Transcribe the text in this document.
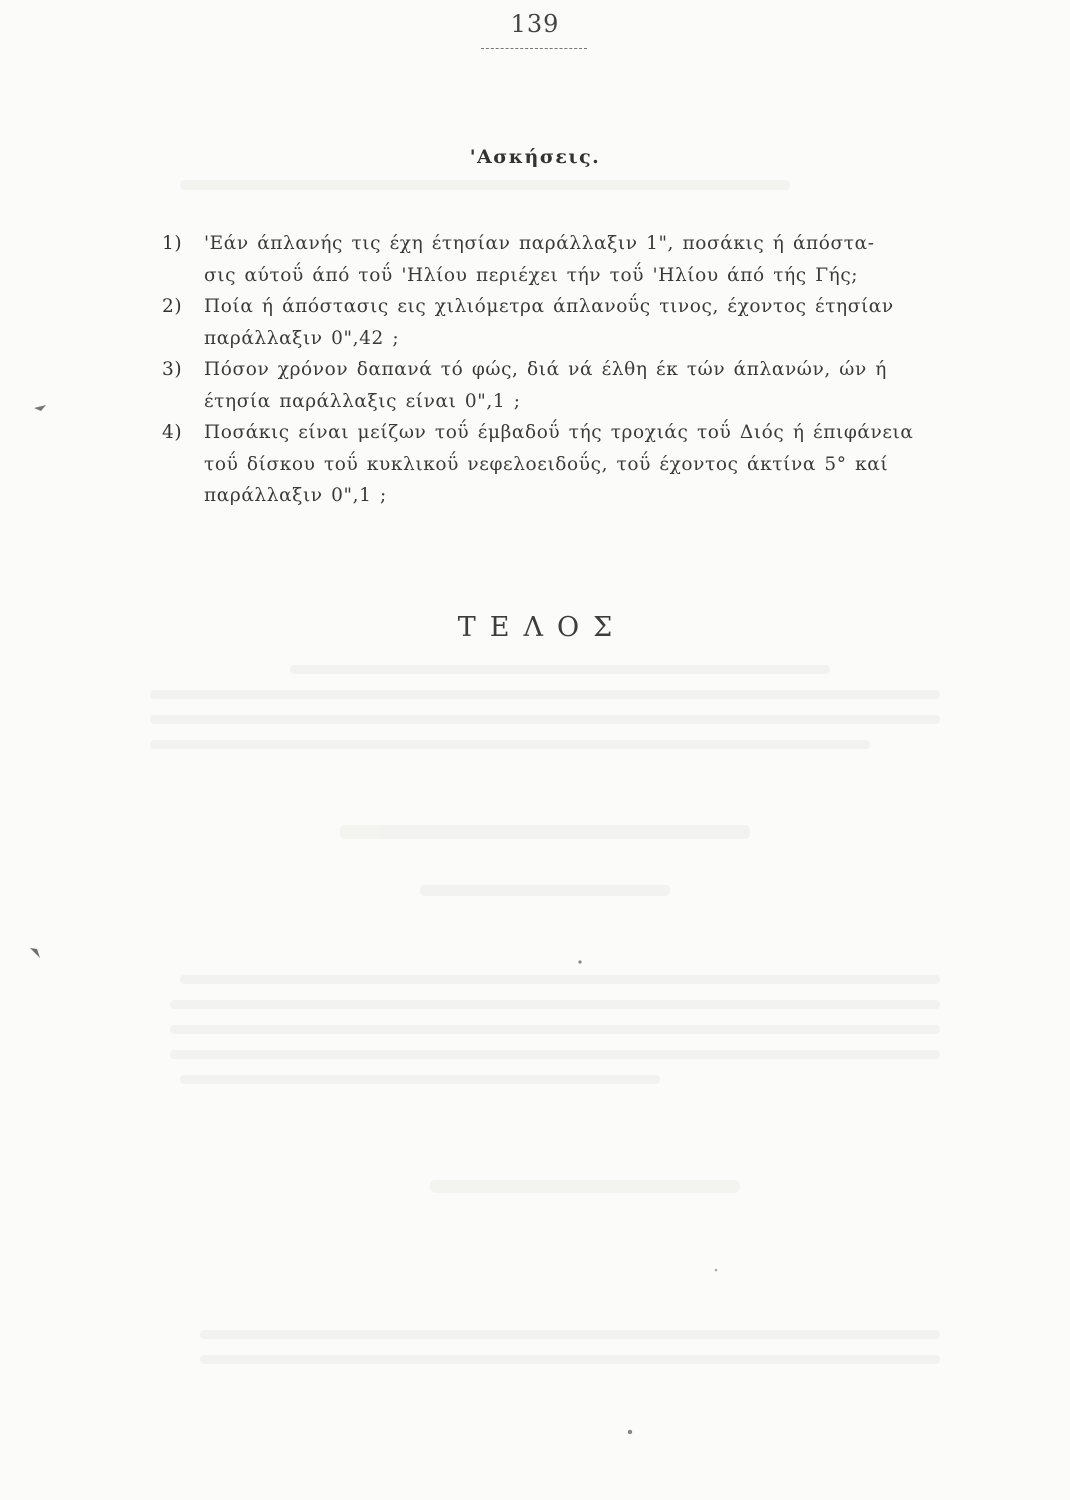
139
'Ασκήσεις.
1)	'Εάν άπλανής τις έχη έτησίαν παράλλαξιν 1", ποσάκις ή άπόστα-
σις αύτοΰ άπό τοΰ 'Ηλίου περιέχει τήν τοΰ 'Ηλίου άπό τής Γής;
2)	Ποία ή άπόστασις εις χιλιόμετρα άπλανοΰς τινος, έχοντος έτησίαν
παράλλαξιν 0",42 ;
3)	Πόσον χρόνον δαπανά τό φώς, διά νά έλθη έκ τών άπλανών, ών ή
έτησία παράλλαξις είναι 0",1 ;
4)	Ποσάκις είναι μείζων τοΰ έμβαδοΰ τής τροχιάς τοΰ Διός ή έπιφάνεια
τοΰ δίσκου τοΰ κυκλικοΰ νεφελοειδοΰς, τοΰ έχοντος άκτίνα 5° καί
παράλλαξιν 0",1 ;
ΤΕΛΟΣ
